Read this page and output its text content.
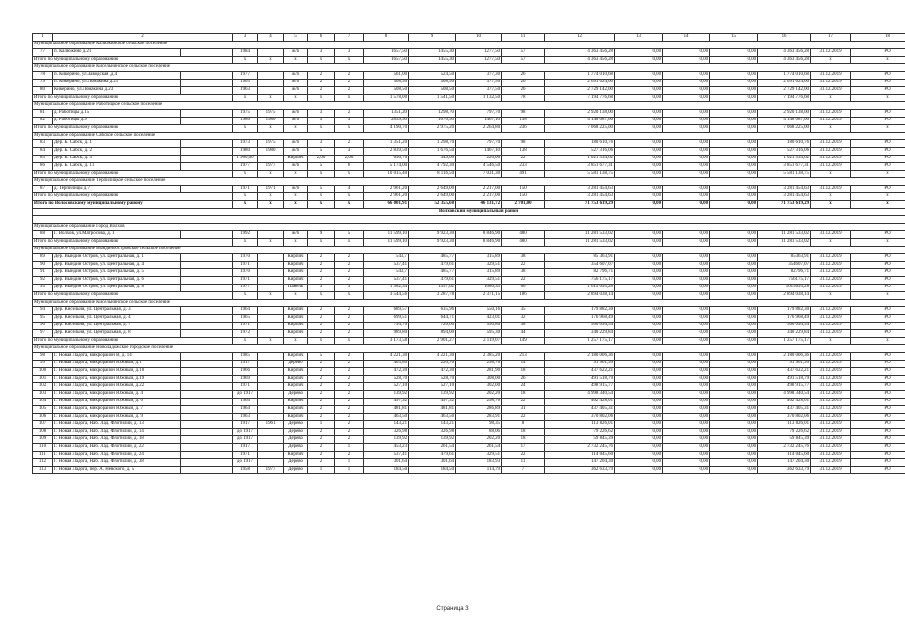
1	2		3	4	5	6	7	8	9	10	11	12	13	14	15	16	17	18
Муниципальное образование Калюжинское сельское поселение																		
77	п. Калюжино д.21		1984		ж/б	3	3	1657,50	1455,30	1277,50	57	4 363 456,28	0,00	0,00	0,00	4 363 456,28	31.12.2019	РО
Итого по муниципальному образованию			х	х	х	х	х	1657,50	1455,30	1277,50	57	4 363 456,28	0,00	0,00	0,00	4 363 456,28	х	х
Муниципальное образование Кисельнинское сельское поселение																		
78	п. Кикерино, ул.Заводская ,д.4		1977		ж/б	2	2	561,00	524,50	377,30	26	1 774 010,68	0,00	0,00	0,00	1 774 010,68	31.12.2019	РО
79	п. Кикерино, ул.Ломакина д.21		1963		ж/б	2	2	508,50	508,50	377,50	26	2 691 624,00	0,00	0,00	0,00	2 691 624,00	31.12.2019	РО
80	Кикерино, ул.Ломакина д.23		1963		ж/б	2	2	508,50	508,50	377,50	26	2 729 142,00	0,00	0,00	0,00	2 729 142,00	31.12.2019	РО
Итого по муниципальному образованию			х	х	х	х	х	1 578,00	1 541,50	1 132,50	78	7 194 776,68	0,00	0,00	0,00	7 194 776,68	х	х
Муниципальное образование Работицкое сельское поселение																		
81	д. Работицы д.15		1975	1975	ж/б	3	2	1351,20	1298,70	797,70	98	2 920 138,00	0,00	0,00	0,00	2 920 138,00	31.12.2019	РО
82	д. Работицы д.9		1980	1980	ж/б	5	3	2839,50	1676,50	1467,10	138	4 148 087,00	0,00	0,00	0,00	4 148 087,00	31.12.2019	РО
Итого по муниципальному образованию			х	х	х	х	х	4 190,70	2 975,20	2 264,80	236	7 068 225,00	0,00	0,00	0,00	7 068 225,00	х	х
Муниципальное образование Сябское сельское поселение																		
83	Дер. Б. Сабск, д. 1		1973	1975	ж/б	3	2	1 351,20	1 298,70	797,70	98	180 610,76	0,00	0,00	0,00	180 610,76	31.12.2019	РО
84	Дер. Б. Сабск, д. 2		1980	1980	ж/б	5	3	2 839,50	1 676,50	1467,10	138	527 316,06	0,00	0,00	0,00	527 316,06	31.12.2019	РО
85	Дер. Б. Сабск, д. 3		1 960,00		Кирпич	2,00	2,00	650,70	349,00	220,00	22	1 021 534,62	0,00	0,00	0,00	1 021 534,62	31.12.2019	РО
86	Дер. Б. Сабск, д. 11		1977	1977	ж/б	5	6	5 174,00	4 792,30	4 546,50	233	3 851 677,31	0,00	0,00	0,00	3 851 677,31	31.12.2019	РО
Итого по муниципальному образованию			х	х	х	х	х	10 015,40	8 116,50	7 031,30	491	5 581 138,75	0,00	0,00	0,00	5 581 138,75	х	х
Муниципальное образование Терпилицкое сельское поселение																		
87	д. Терпилицы д.7		1971	1971	ж/б	5	4	2 961,20	2 649,00	2 217,00	150	3 281 454,63	0,00	0,00	0,00	3 281 454,63	31.12.2019	РО
Итого по муниципальному образованию			х	х	х	х	х	2 961,20	2 649,00	2 217,00	150	3 281 454,63	0,00	0,00	0,00	3 281 454,63	х	х
Итого по Волосовскому муниципальному району			х	х	х	х	х	66 001,91	52 355,68	46 131,72	2 701,00	71 753 619,29	0,00	0,00	0,00	71 753 619,29	х	х
Волховский муниципальный район																		

Муниципальное образование Город Волхов																		
88	Г. Волхов, ул.Матросова, д. 1		1992		ж/б	9	5	11 599,10	9 923,30	8 846,90	480	11 281 533,02	0,00	0,00	0,00	11 281 533,02	31.12.2019	РО
Итого по муниципальному образованию			х	х	х	х	х	11 599,10	9 923,30	8 846,90	480	11 281 533,02	0,00	0,00	0,00	11 281 533,02	х	х
Муниципальное образование Вындиноостровское сельское поселение																		
89	Дер. Вындин Остров, ул. Центральная, д. 1		1970		Кирпич	2	2	543,7	485,77	315,89	38	85 363,91	0,00	0,00	0,00	85363,91	31.12.2019	РО
90	Дер. Вындин Остров, ул. Центральная, д. 4		1971		Кирпич	2	2	537,41	479,61	329,51	22	354 607,07	0,00	0,00	0,00	354607,07	31.12.2019	РО
91	Дер. Вындин Остров, ул. Центральная, д. 5		1970		Кирпич	2	2	543,7	485,77	315,89	38	82 796,71	0,00	0,00	0,00	82796,71	31.12.2019	РО
92	Дер. Вындин Остров, ул. Центральная, д. 6		1971		Кирпич	2	2	537,41	479,61	329,51	22	756 175,17	0,00	0,00	0,00	756175,17	31.12.2019	РО
93	Дер. Вындин Остров, ул. Центральная, д. 8		1977		Панель	3	3	1 382,34	1357,02	1080,35	66	1 615 095,28	0,00	0,00	0,00	1615095,28	31.12.2019	РО
Итого по муниципальному образованию			х	х	х	х	х	3 544,56	3 287,78	2 371,15	186	2 894 038,14	0,00	0,00	0,00	2 894 038,14	х	х
Муниципальное образование Кисельнинское сельское поселение																		
94	Дер. Кисельня, ул. Центральная, д. 3		1964		Кирпич	2	2	689,57	635,96	550,16	35	179 882,30	0,00	0,00	0,00	179 882,30	31.12.2019	РО
95	Дер. Кисельня, ул. Центральная, д. 4		1965		Кирпич	2	2	699,51	644,71	423,01	32	176 968,49	0,00	0,00	0,00	176 968,49	31.12.2019	РО
96	Дер. Кисельня, ул. Центральная, д. 7		1971		Кирпич	2	2	794,70	726,60	550,80	38	560 094,54	0,00	0,00	0,00	560 094,54	31.12.2019	РО
97	Дер. Кисельня, ул. Центральная, д. 8		1972		Кирпич	2	2	989,80	894,00	595,30	44	340 229,84	0,00	0,00	0,00	340 229,84	31.12.2019	РО
Итого по муниципальному образованию			х	х	х	х	х	3 173,58	2 901,27	2 119,07	149	1 257 175,17	0,00	0,00	0,00	1 257 175,17	х	х
Муниципальное образование Новоладожское городское поселение																		
98	Г. Новая Ладога, микрорайон В, д. 14		1985		Кирпич	5	2	4 221,30	4 221,30	2 385,20	213	2 180 006,36	0,00	0,00	0,00	2 180 006,36	31.12.2019	РО
99	Г. Новая Ладога, микрорайон Южный, д.1		1917		дерево	2	2	403,80	220,70	298,76	14	91 961,99	0,00	0,00	0,00	91 961,99	31.12.2019	РО
100	Г. Новая Ладога, микрорайон Южный, д.10		1966		Кирпич	2	2	472,30	472,30	281,90	18	437 622,21	0,00	0,00	0,00	437 622,21	31.12.2019	РО
101	Г. Новая Ладога, микрорайон Южный, д.19		1969		Кирпич	2	2	528,70	528,70	308,00	26	491 518,79	0,00	0,00	0,00	491 518,79	31.12.2019	РО
102	Г. Новая Ладога, микрорайон Южный, д.22		1971		Кирпич	2	2	527,10	527,10	302,00	24	498 915,77	0,00	0,00	0,00	498 915,77	31.12.2019	РО
103	Г. Новая Ладога, микрорайон Южный, д. 4		до 1917		Дерево	2	2	139,92	139,92	202,20	18	4 998 340,54	0,00	0,00	0,00	4 998 340,54	31.12.2019	РО
104	Г. Новая Ладога, микрорайон Южный, д. 6		1964		Кирпич	2	2	497,32	497,32	298,76	22	462 428,01	0,00	0,00	0,00	462 428,01	31.12.2019	РО
105	Г. Новая Ладога, микрорайон Южный, д. 7		1964		Кирпич	2	2	481,81	481,81	286,89	31	437 405,31	0,00	0,00	0,00	437 405,31	31.12.2019	РО
106	Г. Новая Ладога, микрорайон Южный, д. 9		1963		Кирпич	2	2	463,50	463,50	283,91	22	370 802,06	0,00	0,00	0,00	370 802,06	31.12.2019	РО
107	Г. Новая Ладога, Наб. Лад. Флотилии, д. 13		1917	1961	Дерево	1	2	143,21	143,21	98,35	8	113 826,01	0,00	0,00	0,00	113 826,01	31.12.2019	РО
108	Г. Новая Ладога, Наб. Лад. Флотилии, д. 14		до 1917		Дерево	2	2	326,98	326,98	88,06	18	79 226,62	0,00	0,00	0,00	79 226,62	31.12.2019	РО
109	Г. Новая Ладога, Наб. Лад. Флотилии, д. 18		до 1917		Дерево	2	2	139,92	139,92	202,20	18	59 845,39	0,00	0,00	0,00	59 845,39	31.12.2019	РО
110	Г. Новая Ладога, Наб. Лад. Флотилии, д. 22		1917		Дерево	2	1	453,23	261,54	261,54	17	2 732 245,76	0,00	0,00	0,00	2 732 245,76	31.12.2019	РО
111	Г. Новая Ладога, Наб. Лад. Флотилии, д. 24		1971		Кирпич	2	2	537,41	479,61	329,51	22	114 045,60	0,00	0,00	0,00	114 045,60	31.12.2019	РО
112	Г. Новая Ладога, Наб. Лад. Флотилии, д. 38		до 1917		Дерево	2	1	301,64	301,64	183,93	11	147 204,30	0,00	0,00	0,00	147 204,30	31.12.2019	РО
113	Г. Новая Ладога, пер. А. Невского, д. 5		1958	1977	Дерево	1	1	184,50	184,50	114,79	7	362 633,79	0,00	0,00	0,00	362 633,79	31.12.2019	РО
Страница 3
